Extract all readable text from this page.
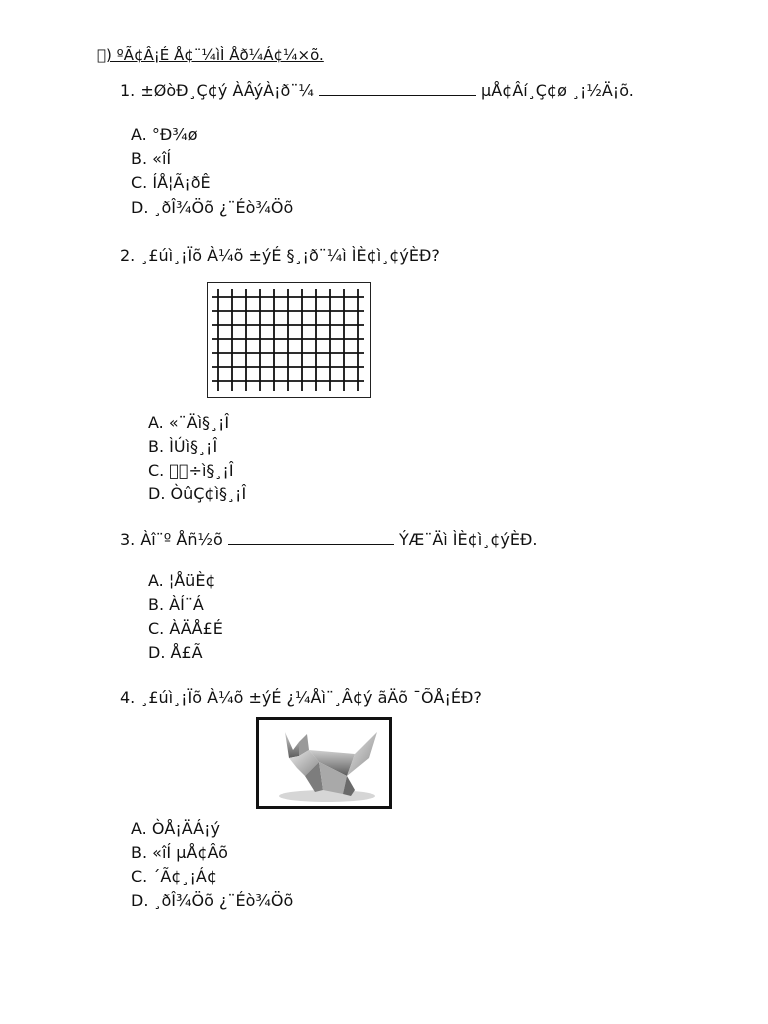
 ) ºÃ¢Â¡É Å¢¨¼ìÌ Åð¼Á¢¼×õ.
1. ±ØòÐ¸Ç¢ý ÀÂýÀ¡ð¨¼	µÅ¢Âí¸Ç¢ø ¸¡½Ä¡õ.
A. °Ð¾ø
B. «îÍ
C. ÍÅ¦Ã¡ðÊ
D. ¸ðÎ¾Öõ ¿¨Éò¾Öõ
2. ¸£úì¸¡Ïõ À¼õ ±ýÉ §¸¡ð¨¼ì ÌÈ¢ì¸¢ýÈÐ?
A. «¨Äì§¸¡Î
B. ÌÚì§¸¡Î
C.   ÷ì§¸¡Î
D. ÒûÇ¢ì§¸¡Î
3. Àî¨º Åñ½õ	ÝÆ¨Äì ÌÈ¢ì¸¢ýÈÐ.
A. ¦ÅüÈ¢
B. ÀÍ¨Á
C. ÀÄÅ£É
D. Å£Ã
4. ¸£úì¸¡Ïõ À¼õ ±ýÉ ¿¼Åì¨¸Â¢ý ãÄõ ¯ÕÅ¡ÉÐ?
A. ÒÅ¡ÄÁ¡ý
B. «îÍ µÅ¢Âõ
C. ´Ã¢¸¡Á¢
D. ¸ðÎ¾Öõ ¿¨Éò¾Öõ
